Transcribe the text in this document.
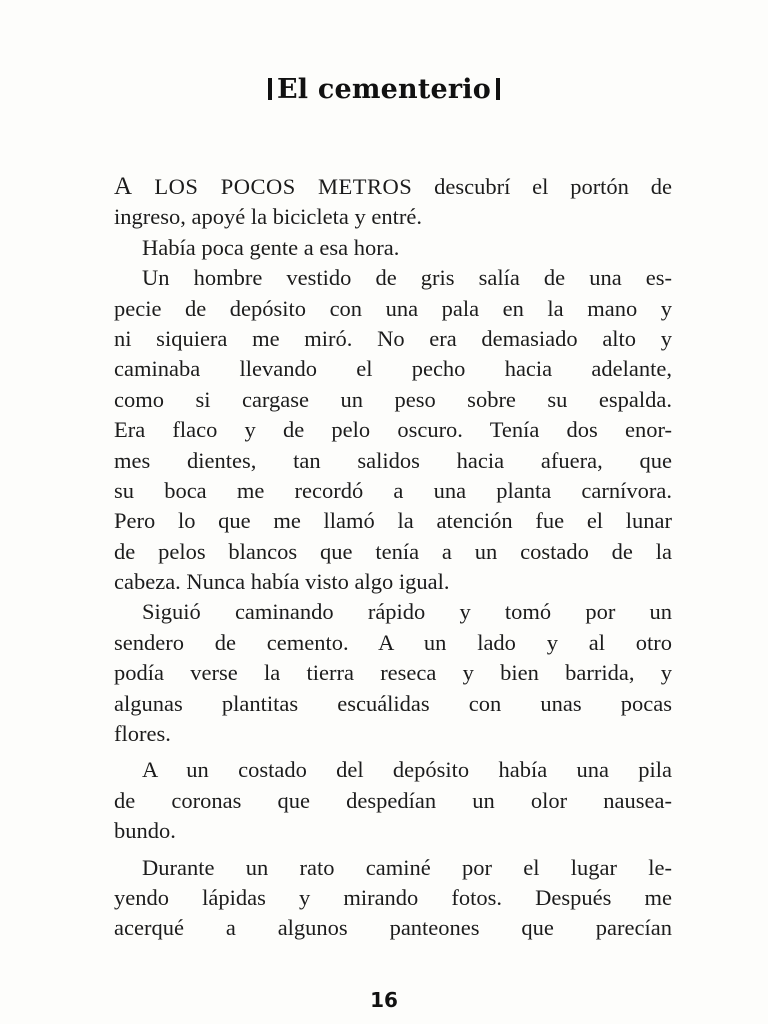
El cementerio
A LOS POCOS METROS descubrí el portón de
ingreso, apoyé la bicicleta y entré.
Había poca gente a esa hora.
Un hombre vestido de gris salía de una es-
pecie de depósito con una pala en la mano y
ni siquiera me miró. No era demasiado alto y
caminaba llevando el pecho hacia adelante,
como si cargase un peso sobre su espalda.
Era flaco y de pelo oscuro. Tenía dos enor-
mes dientes, tan salidos hacia afuera, que
su boca me recordó a una planta carnívora.
Pero lo que me llamó la atención fue el lunar
de pelos blancos que tenía a un costado de la
cabeza. Nunca había visto algo igual.
Siguió caminando rápido y tomó por un
sendero de cemento. A un lado y al otro
podía verse la tierra reseca y bien barrida, y
algunas plantitas escuálidas con unas pocas
flores.
A un costado del depósito había una pila
de coronas que despedían un olor nausea-
bundo.
Durante un rato caminé por el lugar le-
yendo lápidas y mirando fotos. Después me
acerqué a algunos panteones que parecían
16
